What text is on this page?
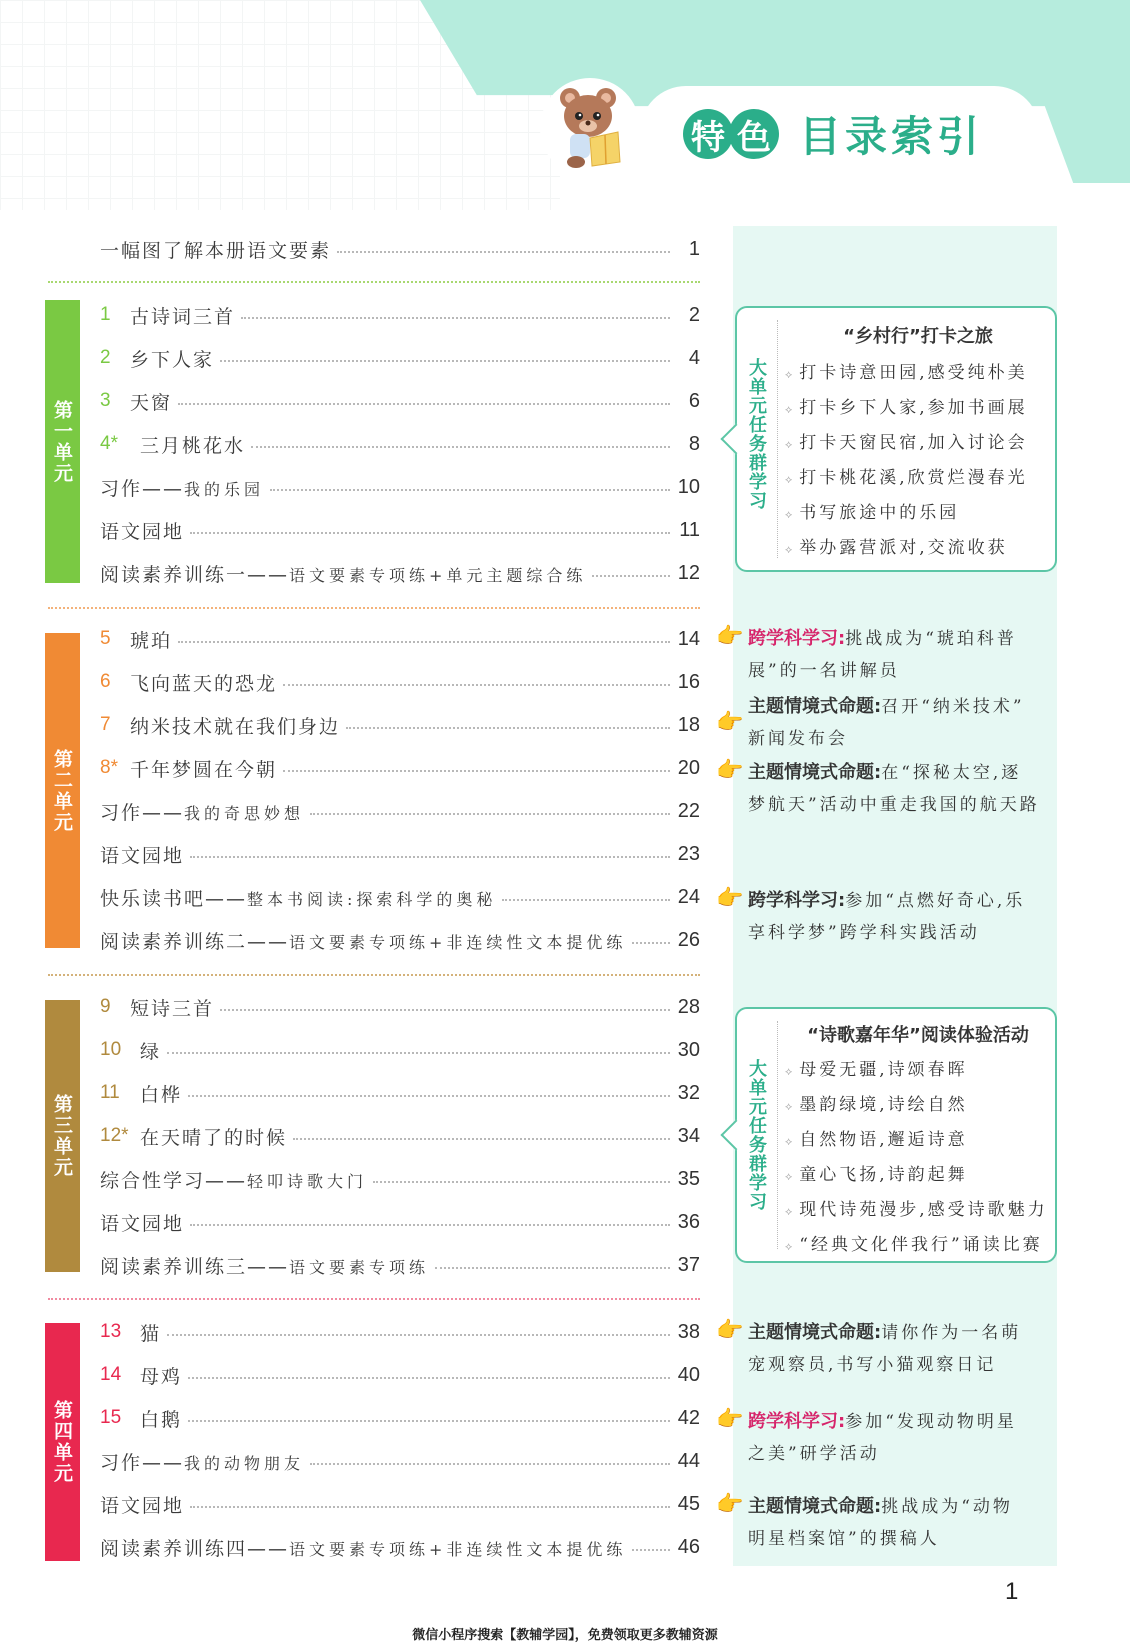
特 色 目录索引
一幅图了解本册语文要素	1
第一单元
1	古诗词三首	2
2	乡下人家	4
3	天窗	6
4*	三月桃花水	8
习作——我的乐园	10
语文园地	11
阅读素养训练一——语文要素专项练+单元主题综合练	12
第二单元
5	琥珀	14
6	飞向蓝天的恐龙	16
7	纳米技术就在我们身边	18
8* 千年梦圆在今朝	20
习作——我的奇思妙想	22
语文园地	23
快乐读书吧——整本书阅读:探索科学的奥秘	24
阅读素养训练二——语文要素专项练+非连续性文本提优练	26
第三单元
9	短诗三首	28
10 绿	30
11	白桦	32
12* 在天晴了的时候	34
综合性学习——轻叩诗歌大门	35
语文园地	36
阅读素养训练三——语文要素专项练	37
第四单元
13 猫	38
14 母鸡	40
15 白鹅	42
习作——我的动物朋友	44
语文园地	45
阅读素养训练四——语文要素专项练+非连续性文本提优练	46
大单元任务群学习
“乡村行”打卡之旅
⟡ 打卡诗意田园,感受纯朴美
⟡ 打卡乡下人家,参加书画展
⟡ 打卡天窗民宿,加入讨论会
⟡ 打卡桃花溪,欣赏烂漫春光
⟡ 书写旅途中的乐园
⟡ 举办露营派对,交流收获
大单元任务群学习
“诗歌嘉年华”阅读体验活动
⟡ 母爱无疆,诗颂春晖
⟡ 墨韵绿境,诗绘自然
⟡ 自然物语,邂逅诗意
⟡ 童心飞扬,诗韵起舞
⟡ 现代诗苑漫步,感受诗歌魅力
⟡ “经典文化伴我行”诵读比赛
👉 跨学科学习:挑战成为“琥珀科普
展”的一名讲解员
👉
主题情境式命题:召开“纳米技术”
新闻发布会
👉 主题情境式命题:在“探秘太空,逐
梦航天”活动中重走我国的航天路
👉 跨学科学习:参加“点燃好奇心,乐
享科学梦”跨学科实践活动
👉 主题情境式命题:请你作为一名萌
宠观察员,书写小猫观察日记
👉 跨学科学习:参加“发现动物明星
之美”研学活动
👉 主题情境式命题:挑战成为“动物
明星档案馆”的撰稿人
1
微信小程序搜索【教辅学园】，免费领取更多教辅资源
